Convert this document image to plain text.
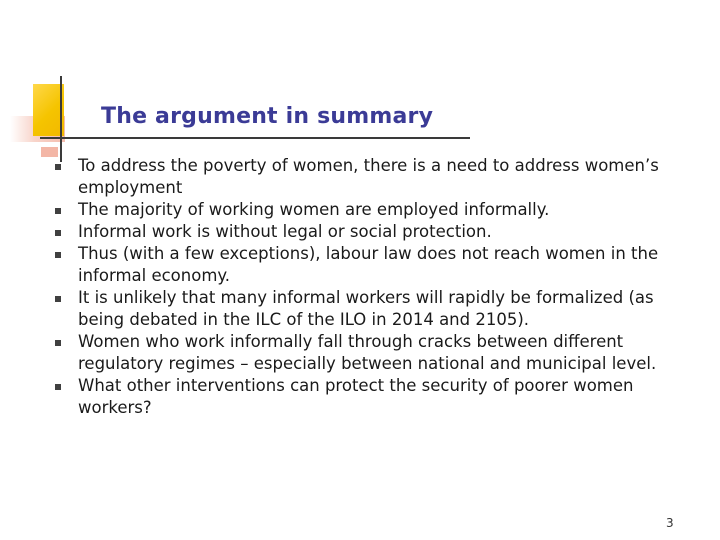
The argument in summary
To address the poverty of women, there is a need to address women’s employment
The majority of working women are employed informally.
Informal work is without legal or social protection.
Thus (with a few exceptions), labour law does not reach women in the informal economy.
It is unlikely that many informal workers will rapidly be formalized (as being debated in the ILC of the ILO in 2014 and 2105).
Women who work informally fall through cracks between different regulatory regimes – especially between national and municipal level.
What other interventions can protect the security of poorer women workers?
3
